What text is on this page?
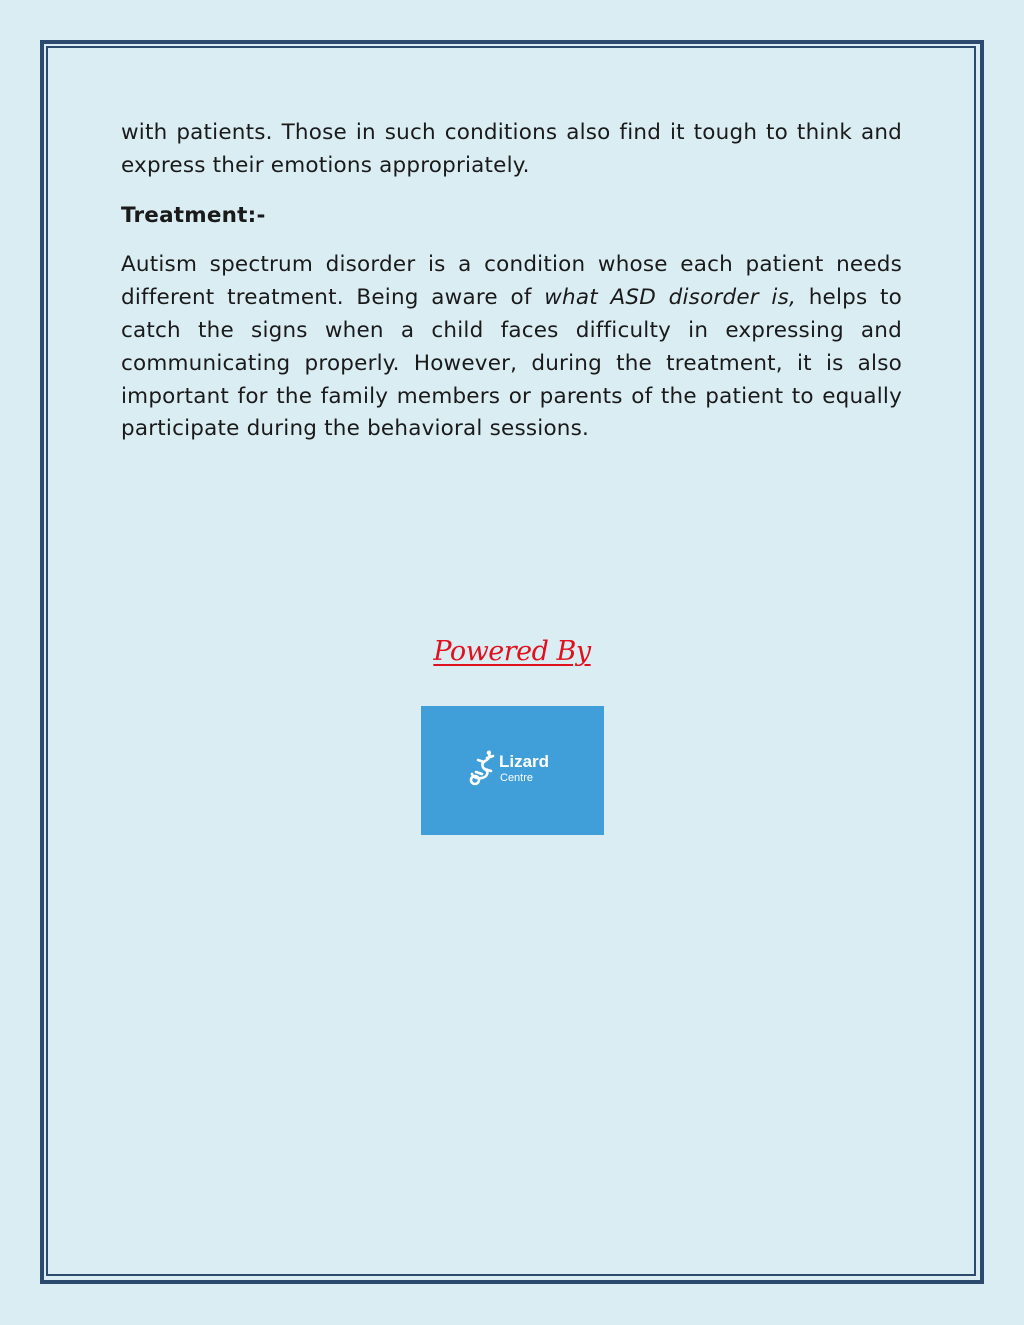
with patients. Those in such conditions also find it tough to think and express their emotions appropriately.

Treatment:-

Autism spectrum disorder is a condition whose each patient needs different treatment. Being aware of what ASD disorder is, helps to catch the signs when a child faces difficulty in expressing and communicating properly. However, during the treatment, it is also important for the family members or parents of the patient to equally participate during the behavioral sessions.

Powered By
Lizard
Centre
